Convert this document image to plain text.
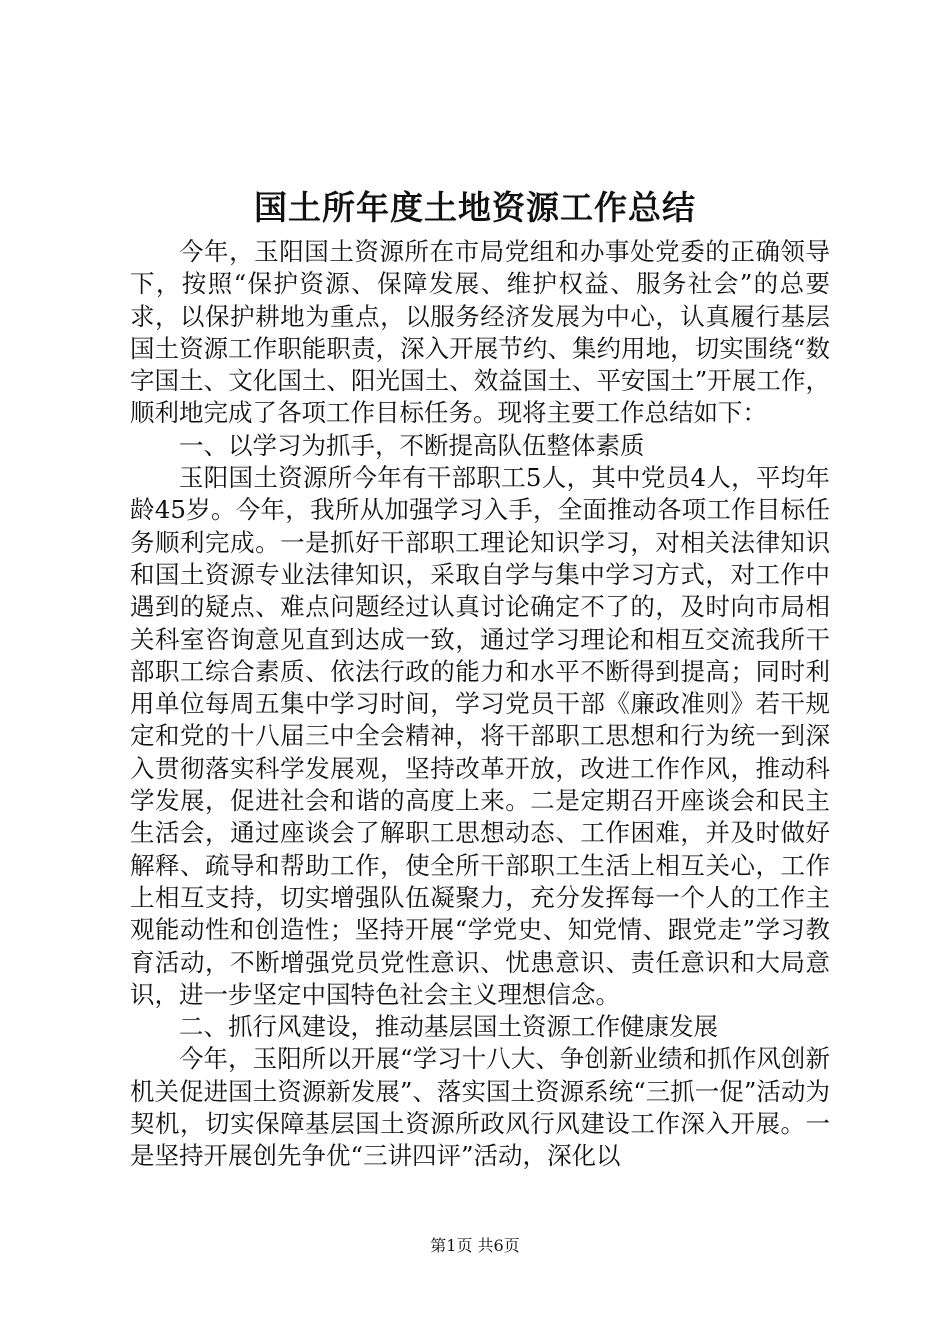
国土所年度土地资源工作总结

今年，玉阳国土资源所在市局党组和办事处党委的正确领导下，按照“保护资源、保障发展、维护权益、服务社会”的总要求，以保护耕地为重点，以服务经济发展为中心，认真履行基层国土资源工作职能职责，深入开展节约、集约用地，切实围绕“数字国土、文化国土、阳光国土、效益国土、平安国土”开展工作，顺利地完成了各项工作目标任务。现将主要工作总结如下：

一、以学习为抓手，不断提高队伍整体素质

玉阳国土资源所今年有干部职工5人，其中党员4人，平均年龄45岁。今年，我所从加强学习入手，全面推动各项工作目标任务顺利完成。一是抓好干部职工理论知识学习，对相关法律知识和国土资源专业法律知识，采取自学与集中学习方式，对工作中遇到的疑点、难点问题经过认真讨论确定不了的，及时向市局相关科室咨询意见直到达成一致，通过学习理论和相互交流我所干部职工综合素质、依法行政的能力和水平不断得到提高；同时利用单位每周五集中学习时间，学习党员干部《廉政准则》若干规定和党的十八届三中全会精神，将干部职工思想和行为统一到深入贯彻落实科学发展观，坚持改革开放，改进工作作风，推动科学发展，促进社会和谐的高度上来。二是定期召开座谈会和民主生活会，通过座谈会了解职工思想动态、工作困难，并及时做好解释、疏导和帮助工作，使全所干部职工生活上相互关心，工作上相互支持，切实增强队伍凝聚力，充分发挥每一个人的工作主观能动性和创造性；坚持开展“学党史、知党情、跟党走”学习教育活动，不断增强党员党性意识、忧患意识、责任意识和大局意识，进一步坚定中国特色社会主义理想信念。

二、抓行风建设，推动基层国土资源工作健康发展

今年，玉阳所以开展“学习十八大、争创新业绩和抓作风创新机关促进国土资源新发展”、落实国土资源系统“三抓一促”活动为契机，切实保障基层国土资源所政风行风建设工作深入开展。一是坚持开展创先争优“三讲四评”活动，深化以

第1页 共6页
